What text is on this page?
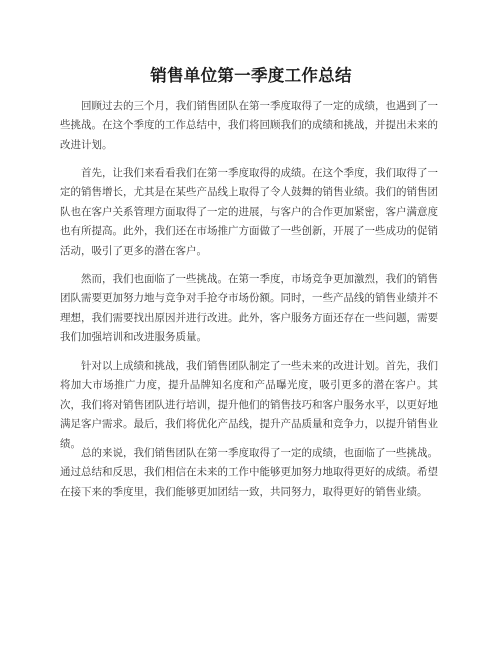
销售单位第一季度工作总结

回顾过去的三个月，我们销售团队在第一季度取得了一定的成绩，也遇到了一些挑战。在这个季度的工作总结中，我们将回顾我们的成绩和挑战，并提出未来的改进计划。

首先，让我们来看看我们在第一季度取得的成绩。在这个季度，我们取得了一定的销售增长，尤其是在某些产品线上取得了令人鼓舞的销售业绩。我们的销售团队也在客户关系管理方面取得了一定的进展，与客户的合作更加紧密，客户满意度也有所提高。此外，我们还在市场推广方面做了一些创新，开展了一些成功的促销活动，吸引了更多的潜在客户。

然而，我们也面临了一些挑战。在第一季度，市场竞争更加激烈，我们的销售团队需要更加努力地与竞争对手抢夺市场份额。同时，一些产品线的销售业绩并不理想，我们需要找出原因并进行改进。此外，客户服务方面还存在一些问题，需要我们加强培训和改进服务质量。

针对以上成绩和挑战，我们销售团队制定了一些未来的改进计划。首先，我们将加大市场推广力度，提升品牌知名度和产品曝光度，吸引更多的潜在客户。其次，我们将对销售团队进行培训，提升他们的销售技巧和客户服务水平，以更好地满足客户需求。最后，我们将优化产品线，提升产品质量和竞争力，以提升销售业绩。

总的来说，我们销售团队在第一季度取得了一定的成绩，也面临了一些挑战。通过总结和反思，我们相信在未来的工作中能够更加努力地取得更好的成绩。希望在接下来的季度里，我们能够更加团结一致，共同努力，取得更好的销售业绩。
